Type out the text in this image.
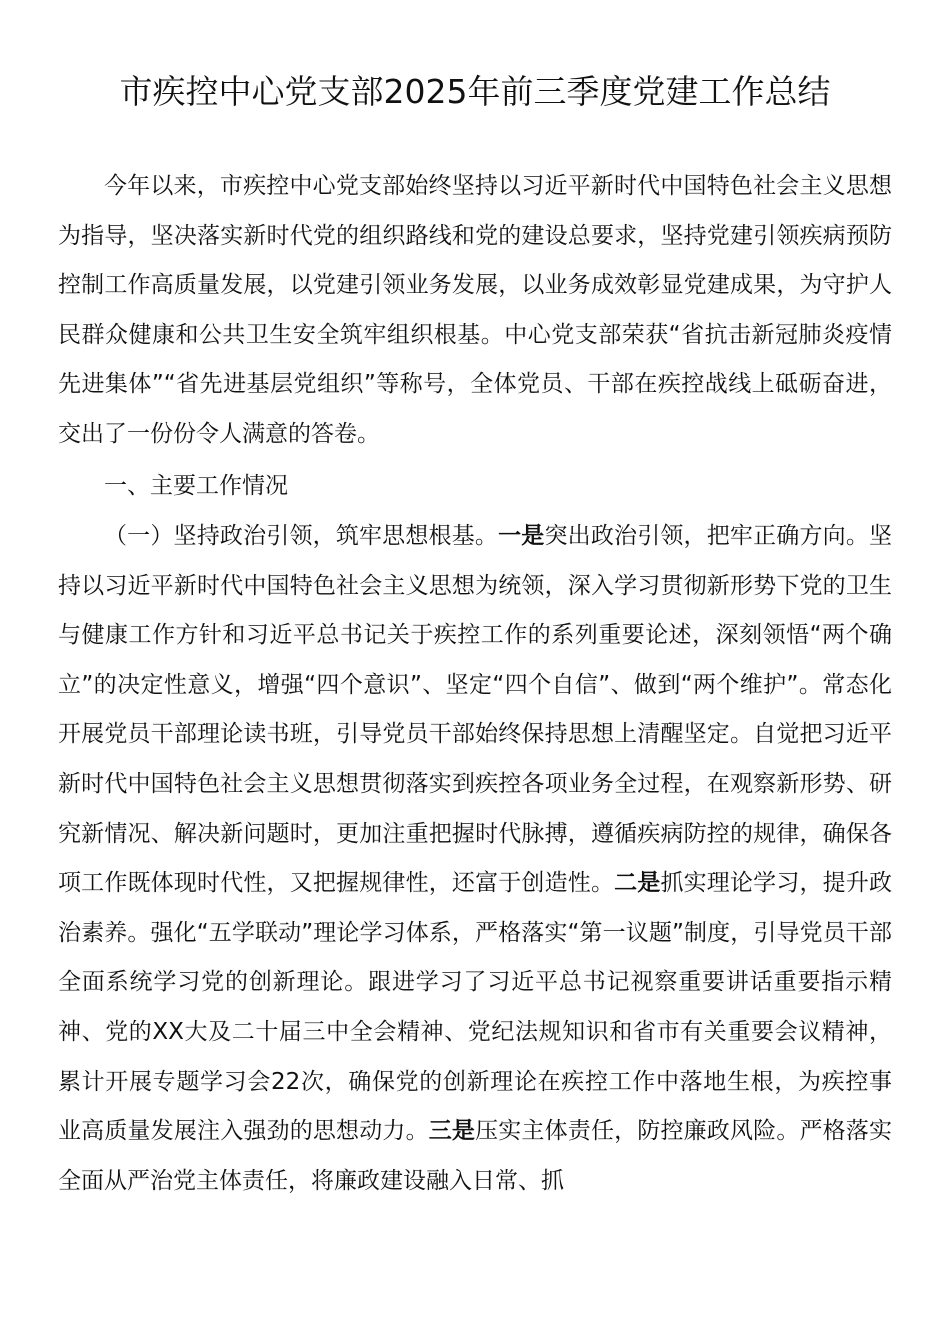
市疾控中心党支部2025年前三季度党建工作总结

今年以来，市疾控中心党支部始终坚持以习近平新时代中国特色社会主义思想为指导，坚决落实新时代党的组织路线和党的建设总要求，坚持党建引领疾病预防控制工作高质量发展，以党建引领业务发展，以业务成效彰显党建成果，为守护人民群众健康和公共卫生安全筑牢组织根基。中心党支部荣获“省抗击新冠肺炎疫情先进集体”“省先进基层党组织”等称号，全体党员、干部在疾控战线上砥砺奋进，交出了一份份令人满意的答卷。

一、主要工作情况

（一）坚持政治引领，筑牢思想根基。一是突出政治引领，把牢正确方向。坚持以习近平新时代中国特色社会主义思想为统领，深入学习贯彻新形势下党的卫生与健康工作方针和习近平总书记关于疾控工作的系列重要论述，深刻领悟“两个确立”的决定性意义，增强“四个意识”、坚定“四个自信”、做到“两个维护”。常态化开展党员干部理论读书班，引导党员干部始终保持思想上清醒坚定。自觉把习近平新时代中国特色社会主义思想贯彻落实到疾控各项业务全过程，在观察新形势、研究新情况、解决新问题时，更加注重把握时代脉搏，遵循疾病防控的规律，确保各项工作既体现时代性，又把握规律性，还富于创造性。二是抓实理论学习，提升政治素养。强化“五学联动”理论学习体系，严格落实“第一议题”制度，引导党员干部全面系统学习党的创新理论。跟进学习了习近平总书记视察重要讲话重要指示精神、党的XX大及二十届三中全会精神、党纪法规知识和省市有关重要会议精神，累计开展专题学习会22次，确保党的创新理论在疾控工作中落地生根，为疾控事业高质量发展注入强劲的思想动力。三是压实主体责任，防控廉政风险。严格落实全面从严治党主体责任，将廉政建设融入日常、抓
